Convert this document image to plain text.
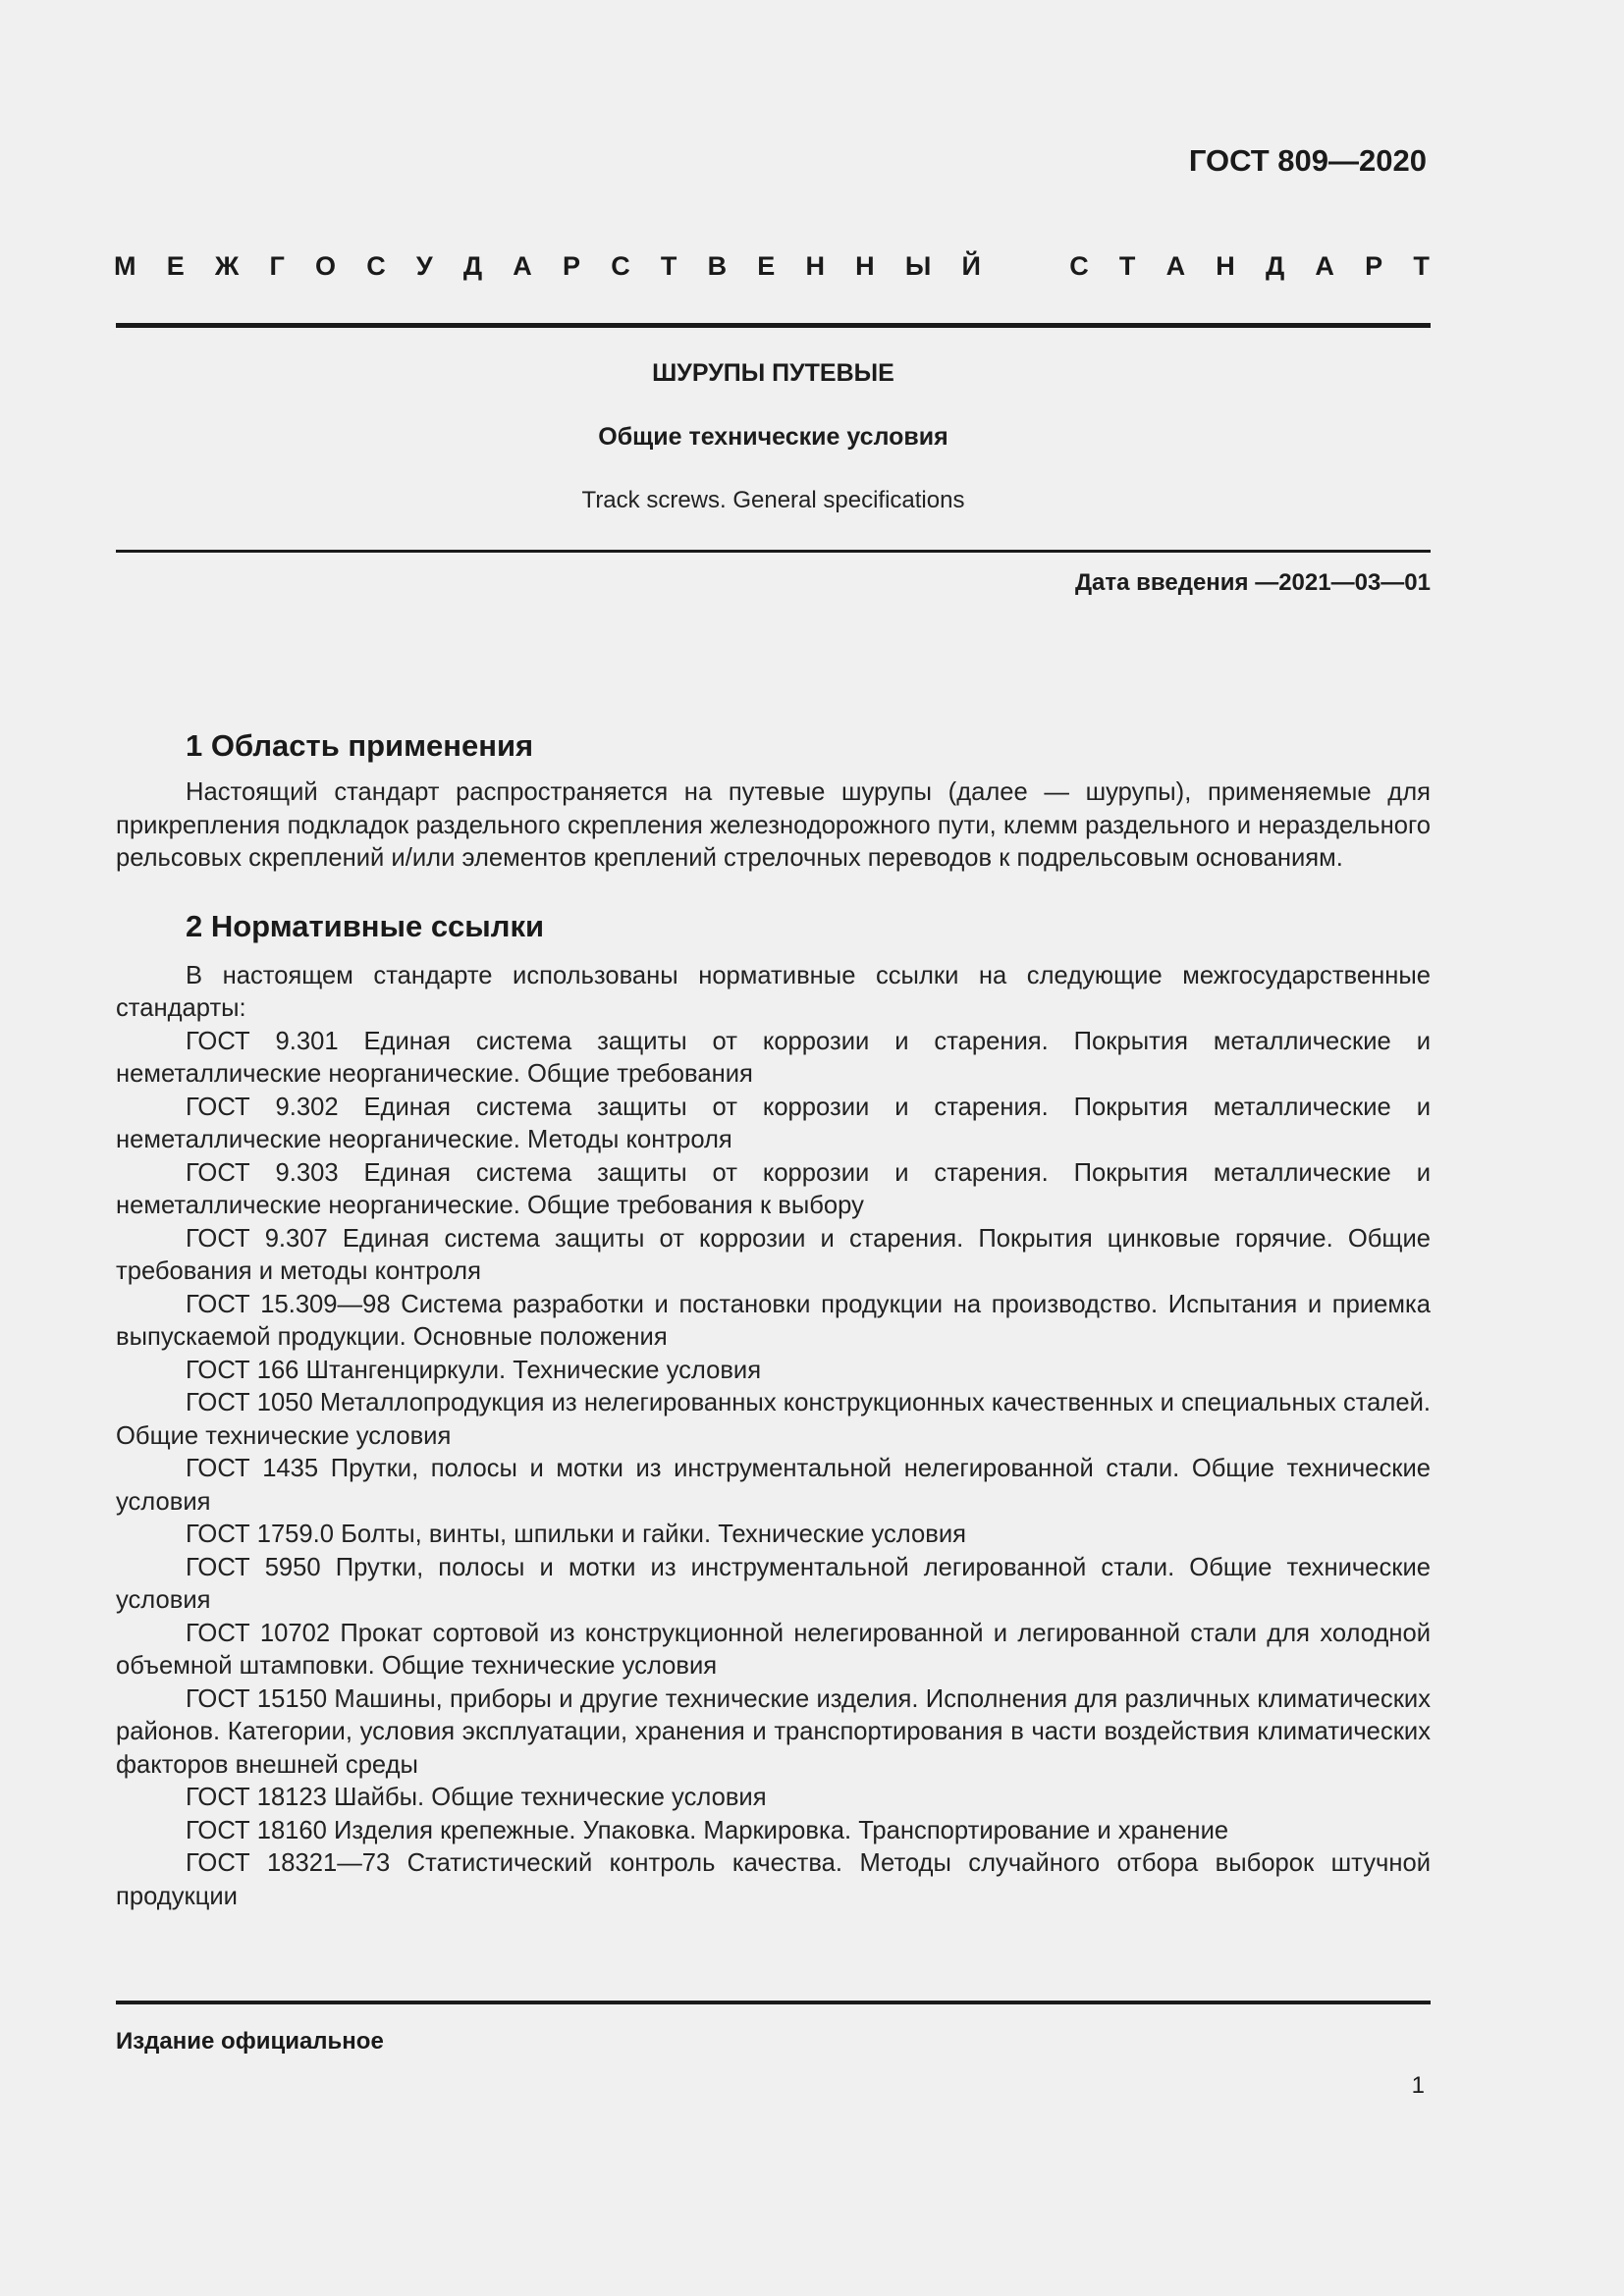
ГОСТ 809—2020
М Е Ж Г О С У Д А Р С Т В Е Н Н Ы Й	С Т А Н Д А Р Т
ШУРУПЫ ПУТЕВЫЕ
Общие технические условия
Track screws. General specifications
Дата введения —2021—03—01
1 Область применения

Настоящий стандарт распространяется на путевые шурупы (далее — шурупы), применяемые для прикрепления подкладок раздельного скрепления железнодорожного пути, клемм раздельного и нераздельного рельсовых скреплений и/или элементов креплений стрелочных переводов к подрельсовым основаниям.

2 Нормативные ссылки

В настоящем стандарте использованы нормативные ссылки на следующие межгосударственные стандарты:

ГОСТ 9.301 Единая система защиты от коррозии и старения. Покрытия металлические и неметаллические неорганические. Общие требования

ГОСТ 9.302 Единая система защиты от коррозии и старения. Покрытия металлические и неметаллические неорганические. Методы контроля

ГОСТ 9.303 Единая система защиты от коррозии и старения. Покрытия металлические и неметаллические неорганические. Общие требования к выбору

ГОСТ 9.307 Единая система защиты от коррозии и старения. Покрытия цинковые горячие. Общие требования и методы контроля

ГОСТ 15.309—98 Система разработки и постановки продукции на производство. Испытания и приемка выпускаемой продукции. Основные положения

ГОСТ 166 Штангенциркули. Технические условия

ГОСТ 1050 Металлопродукция из нелегированных конструкционных качественных и специальных сталей. Общие технические условия

ГОСТ 1435 Прутки, полосы и мотки из инструментальной нелегированной стали. Общие технические условия

ГОСТ 1759.0 Болты, винты, шпильки и гайки. Технические условия

ГОСТ 5950 Прутки, полосы и мотки из инструментальной легированной стали. Общие технические условия

ГОСТ 10702 Прокат сортовой из конструкционной нелегированной и легированной стали для холодной объемной штамповки. Общие технические условия

ГОСТ 15150 Машины, приборы и другие технические изделия. Исполнения для различных климатических районов. Категории, условия эксплуатации, хранения и транспортирования в части воздействия климатических факторов внешней среды

ГОСТ 18123 Шайбы. Общие технические условия

ГОСТ 18160 Изделия крепежные. Упаковка. Маркировка. Транспортирование и хранение

ГОСТ 18321—73 Статистический контроль качества. Методы случайного отбора выборок штучной продукции

Издание официальное
1
